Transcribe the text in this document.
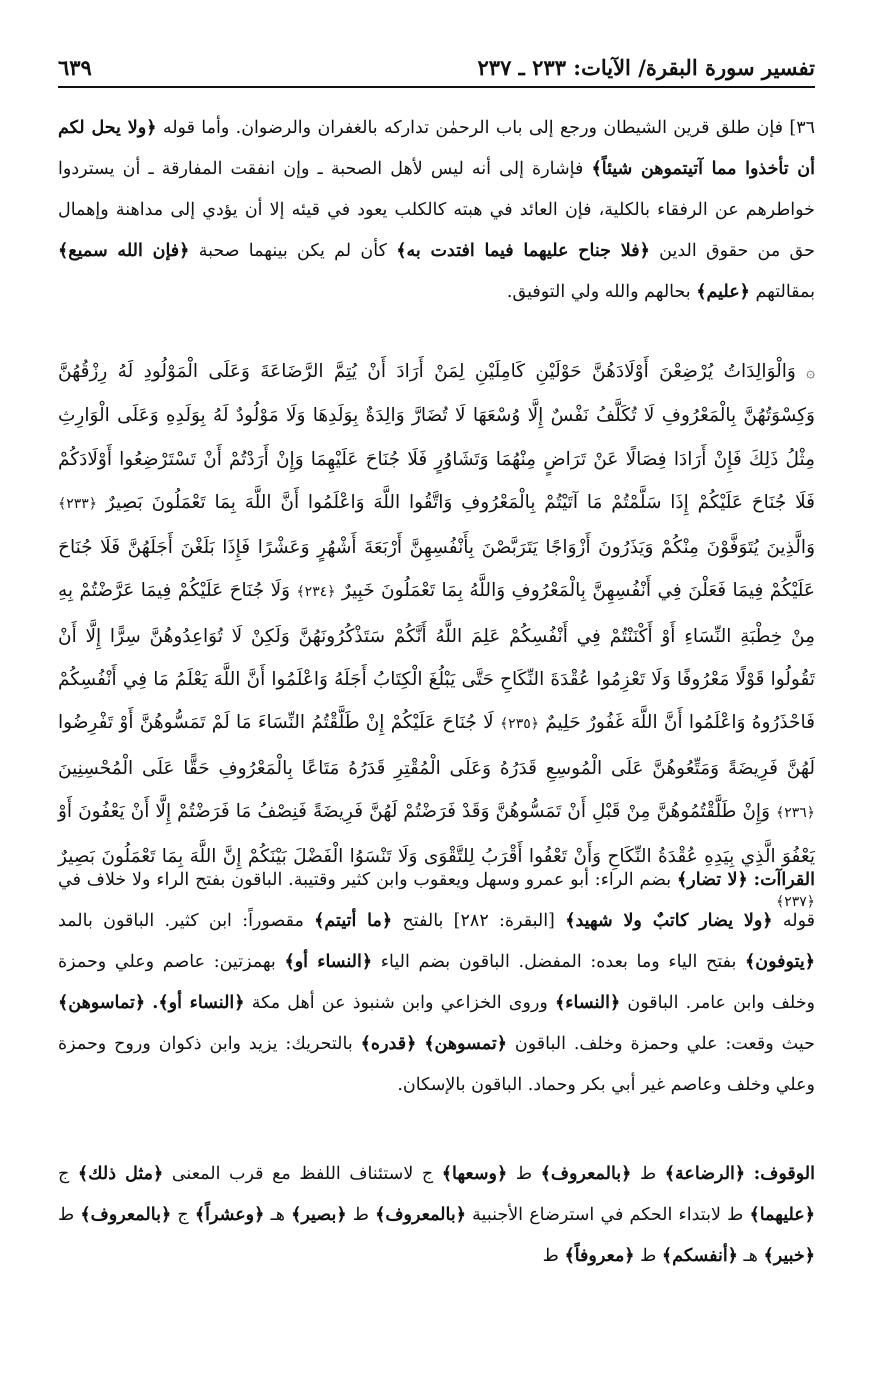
تفسير سورة البقرة/ الآيات: ٢٣٣ ـ ٢٣٧
٦٣٩

٣٦] فإن طلق قرين الشيطان ورجع إلى باب الرحمٰن تداركه بالغفران والرضوان. وأما قوله ﴿ولا يحل لكم أن تأخذوا مما آتيتموهن شيئاً﴾ فإشارة إلى أنه ليس لأهل الصحبة ـ وإن انفقت المفارقة ـ أن يستردوا خواطرهم عن الرفقاء بالكلية، فإن العائد في هبته كالكلب يعود في قيئه إلا أن يؤدي إلى مداهنة وإهمال حق من حقوق الدين ﴿فلا جناح عليهما فيما افتدت به﴾ كأن لم يكن بينهما صحبة ﴿فإن الله سميع﴾ بمقالتهم ﴿عليم﴾ بحالهم والله ولي التوفيق.

۞ وَالْوَالِدَاتُ يُرْضِعْنَ أَوْلَادَهُنَّ حَوْلَيْنِ كَامِلَيْنِ لِمَنْ أَرَادَ أَنْ يُتِمَّ الرَّضَاعَةَ وَعَلَى الْمَوْلُودِ لَهُ رِزْقُهُنَّ وَكِسْوَتُهُنَّ بِالْمَعْرُوفِ لَا تُكَلَّفُ نَفْسٌ إِلَّا وُسْعَهَا لَا تُضَارَّ وَالِدَةٌ بِوَلَدِهَا وَلَا مَوْلُودٌ لَهُ بِوَلَدِهِ وَعَلَى الْوَارِثِ مِثْلُ ذَلِكَ فَإِنْ أَرَادَا فِصَالًا عَنْ تَرَاضٍ مِنْهُمَا وَتَشَاوُرٍ فَلَا جُنَاحَ عَلَيْهِمَا وَإِنْ أَرَدْتُمْ أَنْ تَسْتَرْضِعُوا أَوْلَادَكُمْ فَلَا جُنَاحَ عَلَيْكُمْ إِذَا سَلَّمْتُمْ مَا آتَيْتُمْ بِالْمَعْرُوفِ وَاتَّقُوا اللَّهَ وَاعْلَمُوا أَنَّ اللَّهَ بِمَا تَعْمَلُونَ بَصِيرٌ ﴿٢٣٣﴾ وَالَّذِينَ يُتَوَفَّوْنَ مِنْكُمْ وَيَذَرُونَ أَزْوَاجًا يَتَرَبَّصْنَ بِأَنْفُسِهِنَّ أَرْبَعَةَ أَشْهُرٍ وَعَشْرًا فَإِذَا بَلَغْنَ أَجَلَهُنَّ فَلَا جُنَاحَ عَلَيْكُمْ فِيمَا فَعَلْنَ فِي أَنْفُسِهِنَّ بِالْمَعْرُوفِ وَاللَّهُ بِمَا تَعْمَلُونَ خَبِيرٌ ﴿٢٣٤﴾ وَلَا جُنَاحَ عَلَيْكُمْ فِيمَا عَرَّضْتُمْ بِهِ مِنْ خِطْبَةِ النِّسَاءِ أَوْ أَكْنَنْتُمْ فِي أَنْفُسِكُمْ عَلِمَ اللَّهُ أَنَّكُمْ سَتَذْكُرُونَهُنَّ وَلَكِنْ لَا تُوَاعِدُوهُنَّ سِرًّا إِلَّا أَنْ تَقُولُوا قَوْلًا مَعْرُوفًا وَلَا تَعْزِمُوا عُقْدَةَ النِّكَاحِ حَتَّى يَبْلُغَ الْكِتَابُ أَجَلَهُ وَاعْلَمُوا أَنَّ اللَّهَ يَعْلَمُ مَا فِي أَنْفُسِكُمْ فَاحْذَرُوهُ وَاعْلَمُوا أَنَّ اللَّهَ غَفُورٌ حَلِيمٌ ﴿٢٣٥﴾ لَا جُنَاحَ عَلَيْكُمْ إِنْ طَلَّقْتُمُ النِّسَاءَ مَا لَمْ تَمَسُّوهُنَّ أَوْ تَفْرِضُوا لَهُنَّ فَرِيضَةً وَمَتِّعُوهُنَّ عَلَى الْمُوسِعِ قَدَرُهُ وَعَلَى الْمُقْتِرِ قَدَرُهُ مَتَاعًا بِالْمَعْرُوفِ حَقًّا عَلَى الْمُحْسِنِينَ ﴿٢٣٦﴾ وَإِنْ طَلَّقْتُمُوهُنَّ مِنْ قَبْلِ أَنْ تَمَسُّوهُنَّ وَقَدْ فَرَضْتُمْ لَهُنَّ فَرِيضَةً فَنِصْفُ مَا فَرَضْتُمْ إِلَّا أَنْ يَعْفُونَ أَوْ يَعْفُوَ الَّذِي بِيَدِهِ عُقْدَةُ النِّكَاحِ وَأَنْ تَعْفُوا أَقْرَبُ لِلتَّقْوَى وَلَا تَنْسَوُا الْفَضْلَ بَيْنَكُمْ إِنَّ اللَّهَ بِمَا تَعْمَلُونَ بَصِيرٌ ﴿٢٣٧﴾

القراآت: ﴿لا تضار﴾ بضم الراء: أبو عمرو وسهل ويعقوب وابن كثير وقتيبة. الباقون بفتح الراء ولا خلاف في قوله ﴿ولا يضار كاتبٌ ولا شهيد﴾ [البقرة: ٢٨٢] بالفتح ﴿ما أتيتم﴾ مقصوراً: ابن كثير. الباقون بالمد ﴿يتوفون﴾ بفتح الياء وما بعده: المفضل. الباقون بضم الياء ﴿النساء أو﴾ بهمزتين: عاصم وعلي وحمزة وخلف وابن عامر. الباقون ﴿النساء﴾ وروى الخزاعي وابن شنبوذ عن أهل مكة ﴿النساء أو﴾. ﴿تماسوهن﴾ حيث وقعت: علي وحمزة وخلف. الباقون ﴿تمسوهن﴾ ﴿قدره﴾ بالتحريك: يزيد وابن ذكوان وروح وحمزة وعلي وخلف وعاصم غير أبي بكر وحماد. الباقون بالإسكان.

الوقوف: ﴿الرضاعة﴾ ط ﴿بالمعروف﴾ ط ﴿وسعها﴾ ج لاستئناف اللفظ مع قرب المعنى ﴿مثل ذلك﴾ ج ﴿عليهما﴾ ط لابتداء الحكم في استرضاع الأجنبية ﴿بالمعروف﴾ ط ﴿بصير﴾ هـ ﴿وعشراً﴾ ج ﴿بالمعروف﴾ ط ﴿خبير﴾ هـ ﴿أنفسكم﴾ ط ﴿معروفاً﴾ ط
